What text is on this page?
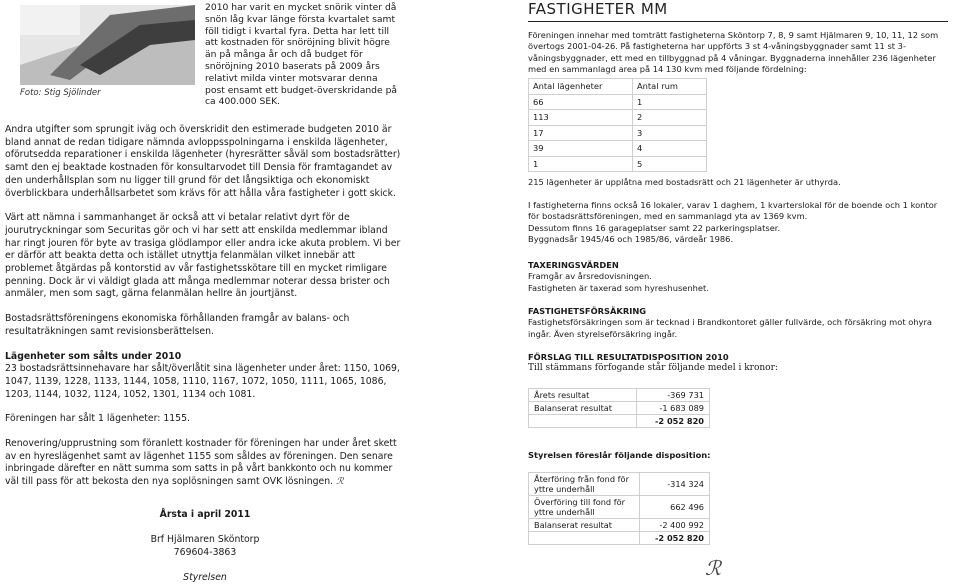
Foto: Stig Sjölinder
2010 har varit en mycket snörik vinter då snön låg kvar länge första kvartalet samt föll tidigt i kvartal fyra. Detta har lett till att kostnaden för snöröjning blivit högre än på många år och då budget för snöröjning 2010 baserats på 2009 års relativt milda vinter motsvarar denna post ensamt ett budget-överskridande på ca 400.000 SEK.

Andra utgifter som sprungit iväg och överskridit den estimerade budgeten 2010 är bland annat de redan tidigare nämnda avloppsspolningarna i enskilda lägenheter, oförutsedda reparationer i enskilda lägenheter (hyresrätter såväl som bostadsrätter) samt den ej beaktade kostnaden för konsultarvodet till Densia för framtagandet av den underhållsplan som nu ligger till grund för det långsiktiga och ekonomiskt överblickbara underhållsarbetet som krävs för att hålla våra fastigheter i gott skick.

Värt att nämna i sammanhanget är också att vi betalar relativt dyrt för de jourutryckningar som Securitas gör och vi har sett att enskilda medlemmar ibland har ringt jouren för byte av trasiga glödlampor eller andra icke akuta problem. Vi ber er därför att beakta detta och istället utnyttja felanmälan vilket innebär att problemet åtgärdas på kontorstid av vår fastighetsskötare till en mycket rimligare penning. Dock är vi väldigt glada att många medlemmar noterar dessa brister och anmäler, men som sagt, gärna felanmälan hellre än jourtjänst.

Bostadsrättsföreningens ekonomiska förhållanden framgår av balans- och resultaträkningen samt revisionsberättelsen.

Lägenheter som sålts under 2010

23 bostadsrättsinnehavare har sålt/överlåtit sina lägenheter under året: 1150, 1069, 1047, 1139, 1228, 1133, 1144, 1058, 1110, 1167, 1072, 1050, 1111, 1065, 1086, 1203, 1144, 1032, 1124, 1052, 1301, 1134 och 1081.

Föreningen har sålt 1 lägenheter: 1155.

Renovering/upprustning som föranlett kostnader för föreningen har under året skett av en hyreslägenhet samt av lägenhet 1155 som såldes av föreningen. Den senare inbringade därefter en nätt summa som satts in på vårt bankkonto och nu kommer väl till pass för att bekosta den nya soplösningen samt OVK lösningen. ℛ

Årsta i april 2011
Brf Hjälmaren Sköntorp
769604-3863
Styrelsen
FASTIGHETER MM
Föreningen innehar med tomträtt fastigheterna Sköntorp 7, 8, 9 samt Hjälmaren 9, 10, 11, 12 som övertogs 2001-04-26. På fastigheterna har uppförts 3 st 4-våningsbyggnader samt 11 st 3-våningsbyggnader, ett med en tillbyggnad på 4 våningar. Byggnaderna innehåller 236 lägenheter med en sammanlagd area på 14 130 kvm med följande fördelning:
Antal lägenheter	Antal rum
66	1
113	2
17	3
39	4
1	5
215 lägenheter är upplåtna med bostadsrätt och 21 lägenheter är uthyrda.
I fastigheterna finns också 16 lokaler, varav 1 daghem, 1 kvarterslokal för de boende och 1 kontor för bostadsrättsföreningen, med en sammanlagd yta av 1369 kvm.
Dessutom finns 16 garageplatser samt 22 parkeringsplatser.
Byggnadsår 1945/46 och 1985/86, värdeår 1986.
TAXERINGSVÄRDEN
Framgår av årsredovisningen.
Fastigheten är taxerad som hyreshusenhet.
FASTIGHETSFÖRSÄKRING
Fastighetsförsäkringen som är tecknad i Brandkontoret gäller fullvärde, och försäkring mot ohyra ingår. Även styrelseförsäkring ingår.
FÖRSLAG TILL RESULTATDISPOSITION 2010
Till stämmans förfogande står följande medel i kronor:
Årets resultat	-369 731
Balanserat resultat	-1 683 089
	-2 052 820
Styrelsen föreslår följande disposition:
Återföring från fond för yttre underhåll	-314 324
Överföring till fond för yttre underhåll	662 496
Balanserat resultat	-2 400 992
	-2 052 820
ℛ
